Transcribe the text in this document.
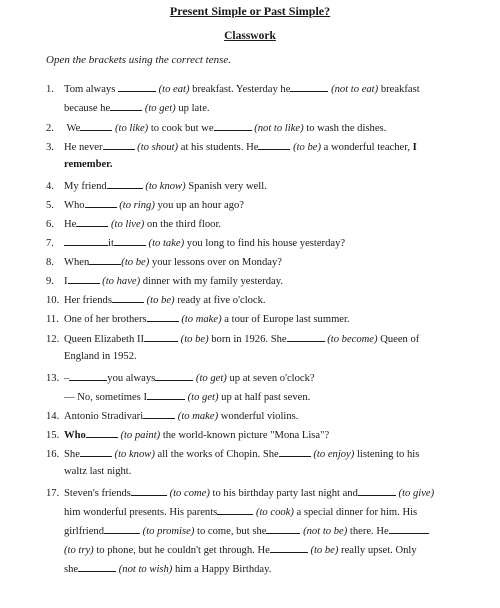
Present Simple or Past Simple?
Classwork
Open the brackets using the correct tense.
1. Tom always	(to eat) breakfast. Yesterday he	(not to eat) breakfast
because he	(to get) up late.
2. We	(to like) to cook but we	(not to like) to wash the dishes.
3. He never	(to shout) at his students. He	(to be) a wonderful teacher, I
remember.
4. My friend	(to know) Spanish very well.
5. Who	(to ring) you up an hour ago?
6. He	(to live) on the third floor.
7.	it	(to take) you long to find his house yesterday?
8. When	(to be) your lessons over on Monday?
9. I	(to have) dinner with my family yesterday.
10. Her friends	(to be) ready at five o'clock.
11. One of her brothers	(to make) a tour of Europe last summer.
12. Queen Elizabeth II	(to be) born in 1926. She	(to become) Queen of
England in 1952.
13. –	you always	(to get) up at seven o'clock?
— No, sometimes I	(to get) up at half past seven.
14. Antonio Stradivari	(to make) wonderful violins.
15. Who	(to paint) the world-known picture "Mona Lisa"?
16. She	(to know) all the works of Chopin. She	(to enjoy) listening to his
waltz last night.
17. Steven's friends	(to come) to his birthday party last night and	(to give)
him wonderful presents. His parents	(to cook) a special dinner for him. His
girlfriend	(to promise) to come, but she	(not to be) there. He
(to try) to phone, but he couldn't get through. He	(to be) really upset. Only
she	(not to wish) him a Happy Birthday.
